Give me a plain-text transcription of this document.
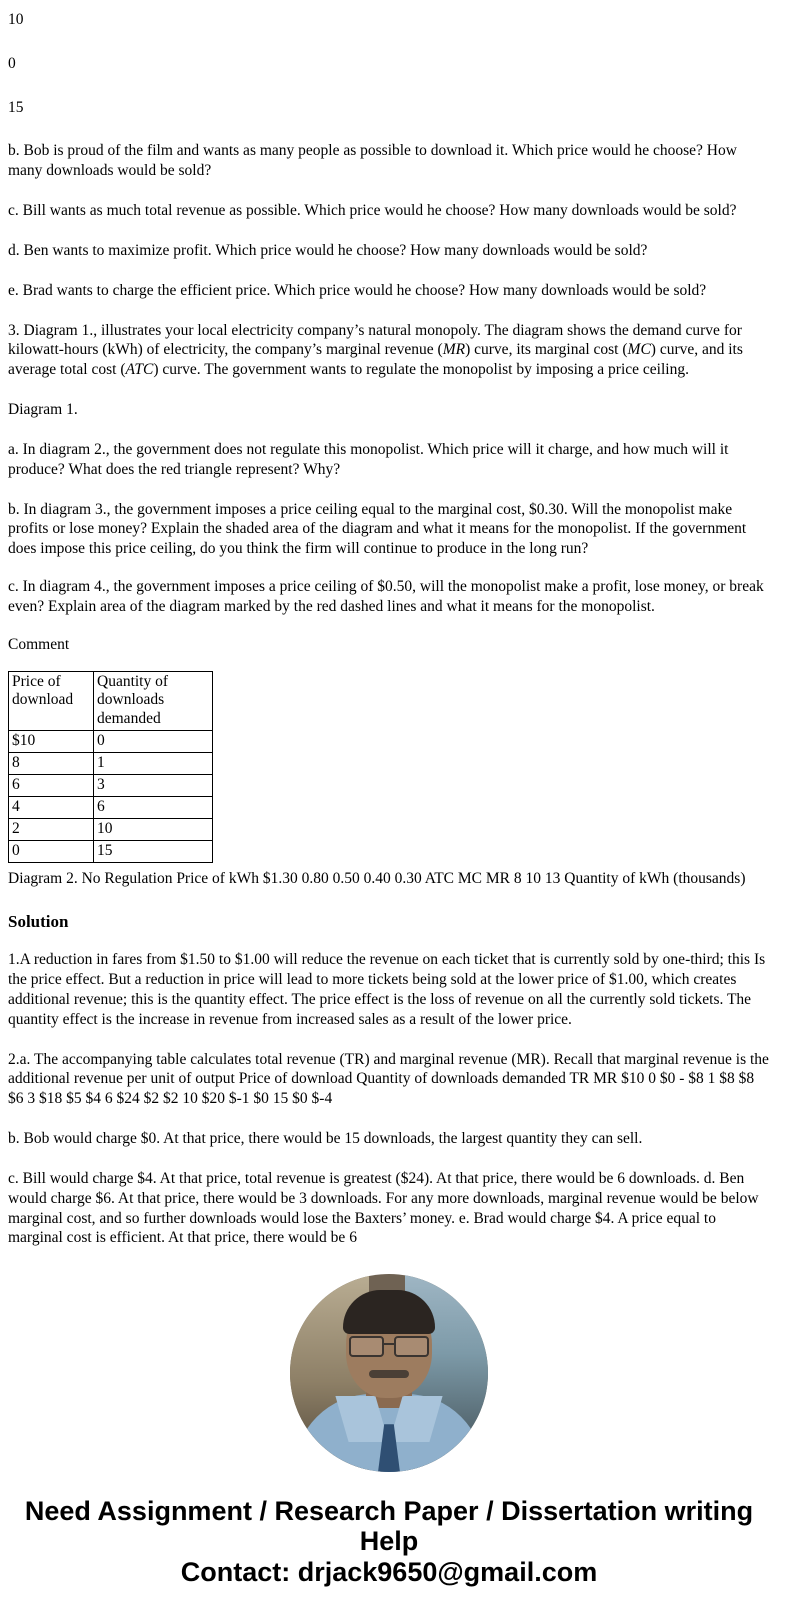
10
0
15

b. Bob is proud of the film and wants as many people as possible to download it. Which price would he choose? How many downloads would be sold?

c. Bill wants as much total revenue as possible. Which price would he choose? How many downloads would be sold?

d. Ben wants to maximize profit. Which price would he choose? How many downloads would be sold?

e. Brad wants to charge the efficient price. Which price would he choose? How many downloads would be sold?

3. Diagram 1., illustrates your local electricity company’s natural monopoly. The diagram shows the demand curve for kilowatt-hours (kWh) of electricity, the company’s marginal revenue (MR) curve, its marginal cost (MC) curve, and its average total cost (ATC) curve. The government wants to regulate the monopolist by imposing a price ceiling.

Diagram 1.

a. In diagram 2., the government does not regulate this monopolist. Which price will it charge, and how much will it produce? What does the red triangle represent? Why?

b. In diagram 3., the government imposes a price ceiling equal to the marginal cost, $0.30. Will the monopolist make profits or lose money? Explain the shaded area of the diagram and what it means for the monopolist. If the government does impose this price ceiling, do you think the firm will continue to produce in the long run?

c. In diagram 4., the government imposes a price ceiling of $0.50, will the monopolist make a profit, lose money, or break even? Explain area of the diagram marked by the red dashed lines and what it means for the monopolist.

Comment

Price of download	Quantity of downloads demanded
$10	0
8	1
6	3
4	6
2	10
0	15

Diagram 2. No Regulation Price of kWh $1.30 0.80 0.50 0.40 0.30 ATC MC MR 8 10 13 Quantity of kWh (thousands)

Solution

1.A reduction in fares from $1.50 to $1.00 will reduce the revenue on each ticket that is currently sold by one-third; this Is the price effect. But a reduction in price will lead to more tickets being sold at the lower price of $1.00, which creates additional revenue; this is the quantity effect. The price effect is the loss of revenue on all the currently sold tickets. The quantity effect is the increase in revenue from increased sales as a result of the lower price.

2.a. The accompanying table calculates total revenue (TR) and marginal revenue (MR). Recall that marginal revenue is the additional revenue per unit of output Price of download Quantity of downloads demanded TR MR $10 0 $0 - $8 1 $8 $8 $6 3 $18 $5 $4 6 $24 $2 $2 10 $20 $-1 $0 15 $0 $-4

b. Bob would charge $0. At that price, there would be 15 downloads, the largest quantity they can sell.

c. Bill would charge $4. At that price, total revenue is greatest ($24). At that price, there would be 6 downloads. d. Ben would charge $6. At that price, there would be 3 downloads. For any more downloads, marginal revenue would be below marginal cost, and so further downloads would lose the Baxters’ money. e. Brad would charge $4. A price equal to marginal cost is efficient. At that price, there would be 6

Need Assignment / Research Paper / Dissertation writing Help
Contact: drjack9650@gmail.com
